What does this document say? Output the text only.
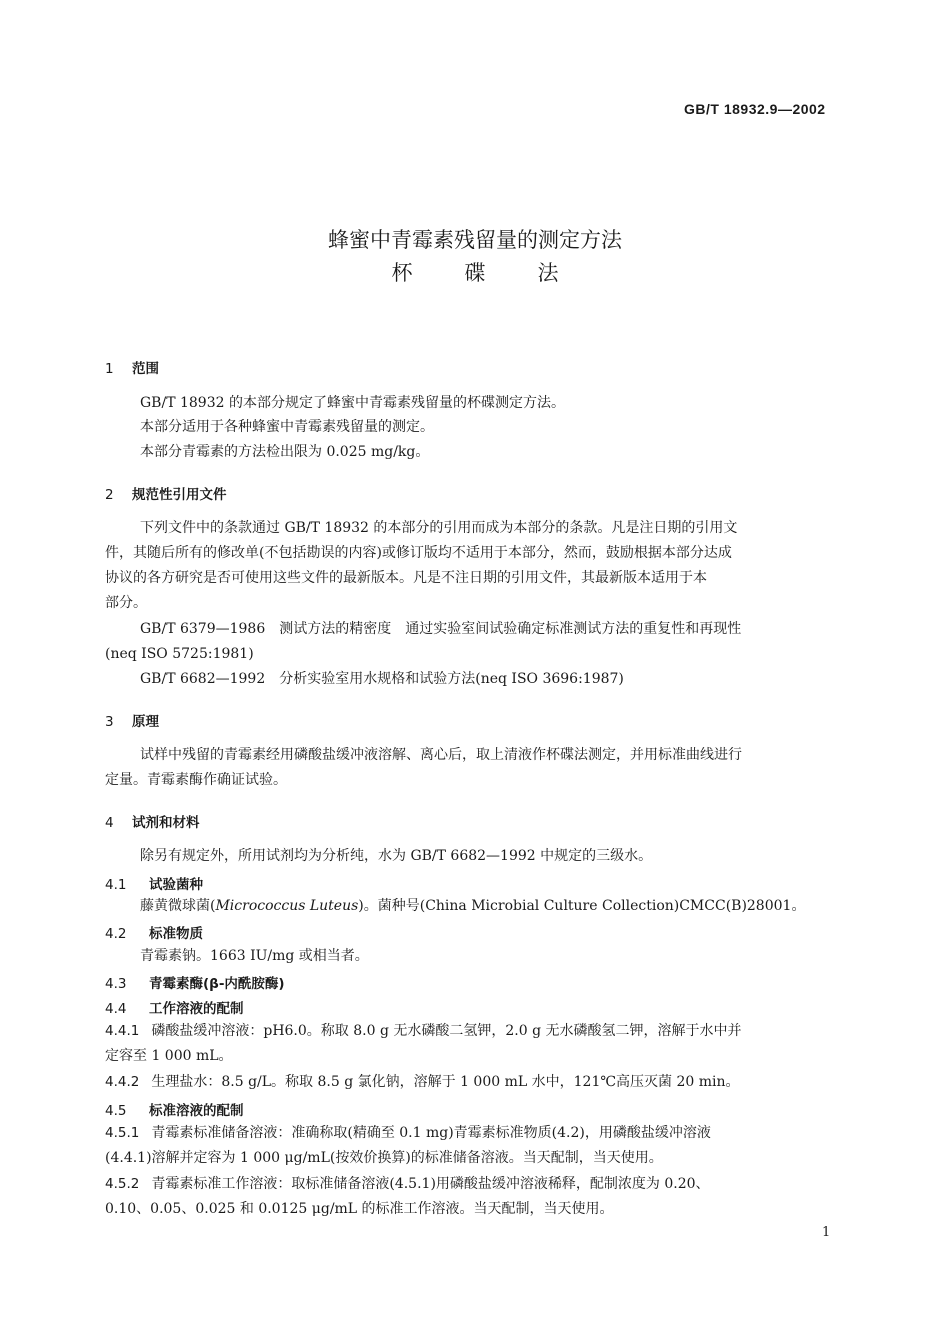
GB/T 18932.9—2002
蜂蜜中青霉素残留量的测定方法
杯碟法
1 范围
GB/T 18932 的本部分规定了蜂蜜中青霉素残留量的杯碟测定方法。
本部分适用于各种蜂蜜中青霉素残留量的测定。
本部分青霉素的方法检出限为 0.025 mg/kg。
2 规范性引用文件
下列文件中的条款通过 GB/T 18932 的本部分的引用而成为本部分的条款。凡是注日期的引用文
件，其随后所有的修改单(不包括勘误的内容)或修订版均不适用于本部分，然而，鼓励根据本部分达成
协议的各方研究是否可使用这些文件的最新版本。凡是不注日期的引用文件，其最新版本适用于本
部分。
GB/T 6379—1986　测试方法的精密度　通过实验室间试验确定标准测试方法的重复性和再现性
(neq ISO 5725:1981)
GB/T 6682—1992　分析实验室用水规格和试验方法(neq ISO 3696:1987)
3 原理
试样中残留的青霉素经用磷酸盐缓冲液溶解、离心后，取上清液作杯碟法测定，并用标准曲线进行
定量。青霉素酶作确证试验。
4 试剂和材料
除另有规定外，所用试剂均为分析纯，水为 GB/T 6682—1992 中规定的三级水。
4.1 试验菌种
藤黄微球菌(Micrococcus Luteus)。菌种号(China Microbial Culture Collection)CMCC(B)28001。
4.2 标准物质
青霉素钠。1663 IU/mg 或相当者。
4.3 青霉素酶(β-内酰胺酶)
4.4 工作溶液的配制
4.4.1 磷酸盐缓冲溶液：pH6.0。称取 8.0 g 无水磷酸二氢钾，2.0 g 无水磷酸氢二钾，溶解于水中并
定容至 1 000 mL。
4.4.2 生理盐水：8.5 g/L。称取 8.5 g 氯化钠，溶解于 1 000 mL 水中，121℃高压灭菌 20 min。
4.5 标准溶液的配制
4.5.1 青霉素标准储备溶液：准确称取(精确至 0.1 mg)青霉素标准物质(4.2)，用磷酸盐缓冲溶液
(4.4.1)溶解并定容为 1 000 μg/mL(按效价换算)的标准储备溶液。当天配制，当天使用。
4.5.2 青霉素标准工作溶液：取标准储备溶液(4.5.1)用磷酸盐缓冲溶液稀释，配制浓度为 0.20、
0.10、0.05、0.025 和 0.0125 μg/mL 的标准工作溶液。当天配制，当天使用。
1
